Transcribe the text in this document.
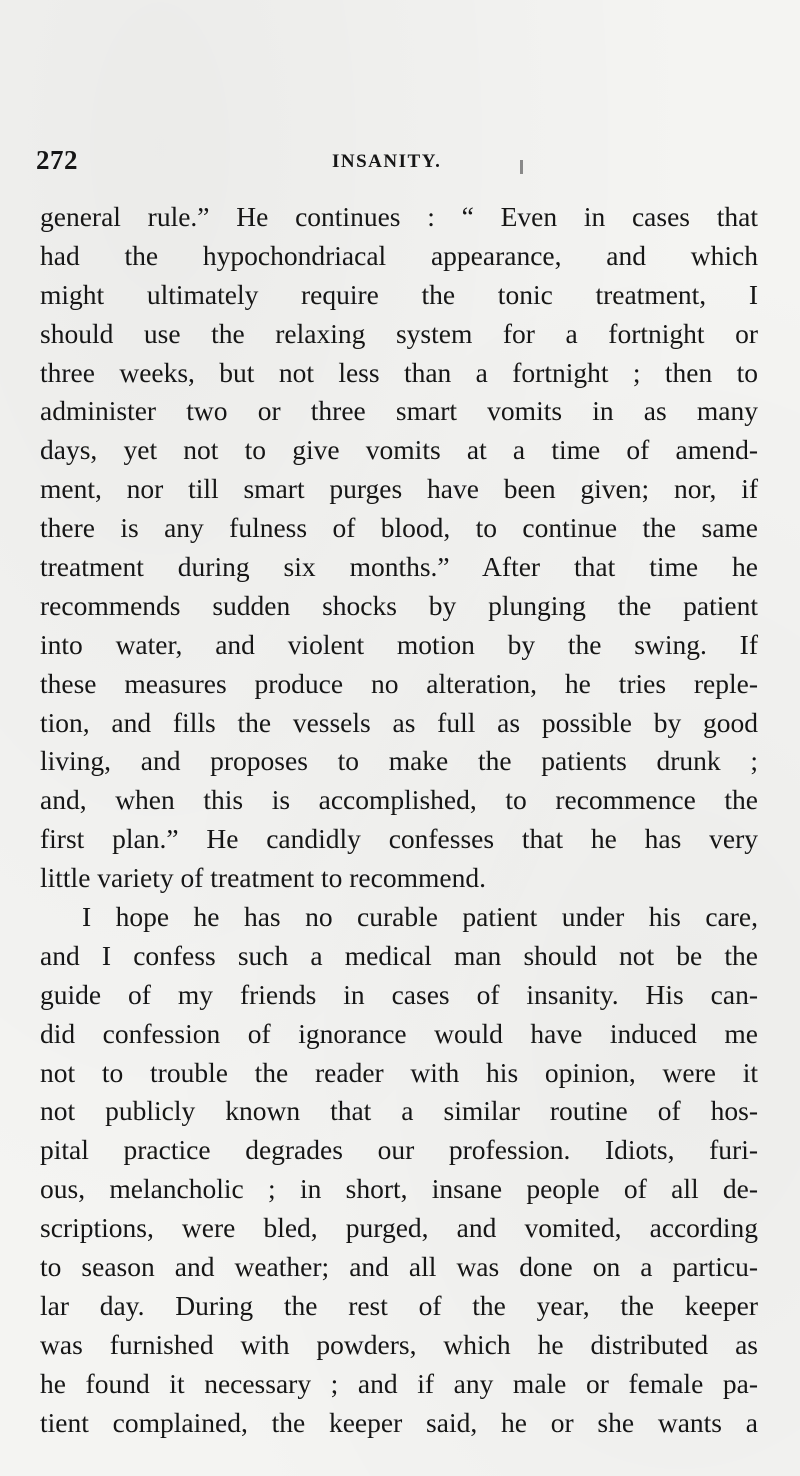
272	INSANITY.
general rule.” He continues : “ Even in cases that
had the hypochondriacal appearance, and which
might ultimately require the tonic treatment, I
should use the relaxing system for a fortnight or
three weeks, but not less than a fortnight ; then to
administer two or three smart vomits in as many
days, yet not to give vomits at a time of amend-
ment, nor till smart purges have been given; nor, if
there is any fulness of blood, to continue the same
treatment during six months.” After that time he
recommends sudden shocks by plunging the patient
into water, and violent motion by the swing. If
these measures produce no alteration, he tries reple-
tion, and fills the vessels as full as possible by good
living, and proposes to make the patients drunk ;
and, when this is accomplished, to recommence the
first plan.” He candidly confesses that he has very
little variety of treatment to recommend.
I hope he has no curable patient under his care,
and I confess such a medical man should not be the
guide of my friends in cases of insanity. His can-
did confession of ignorance would have induced me
not to trouble the reader with his opinion, were it
not publicly known that a similar routine of hos-
pital practice degrades our profession. Idiots, furi-
ous, melancholic ; in short, insane people of all de-
scriptions, were bled, purged, and vomited, according
to season and weather; and all was done on a particu-
lar day. During the rest of the year, the keeper
was furnished with powders, which he distributed as
he found it necessary ; and if any male or female pa-
tient complained, the keeper said, he or she wants a
